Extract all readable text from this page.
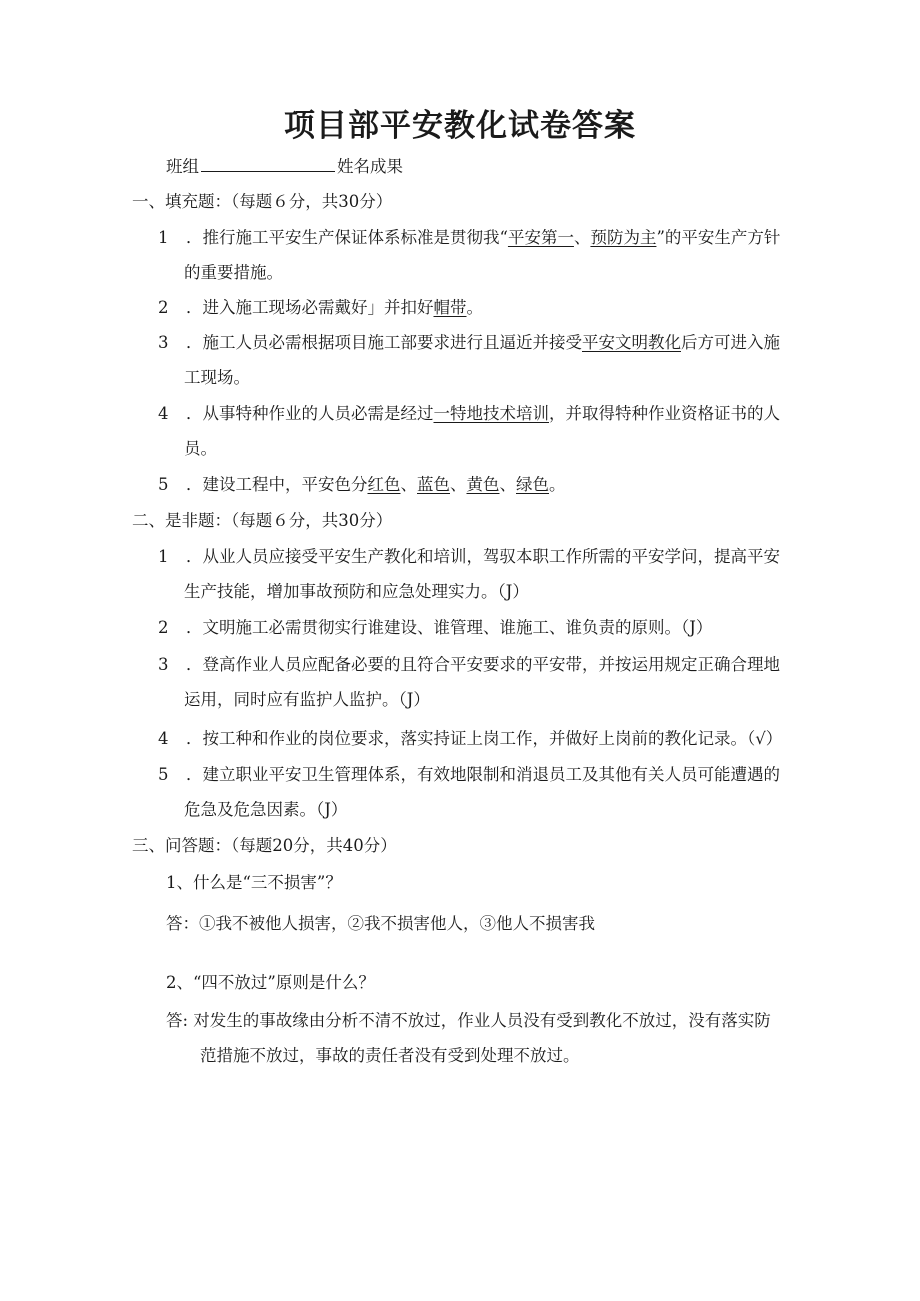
项目部平安教化试卷答案
班组	姓名成果
一、填充题：（每题６分，共30分）
1 ．推行施工平安生产保证体系标准是贯彻我“平安第一、预防为主”的平安生产方针
的重要措施。
2 ．进入施工现场必需戴好」并扣好帽带。
3 ．施工人员必需根据项目施工部要求进行且逼近并接受平安文明教化后方可进入施
工现场。
4 ．从事特种作业的人员必需是经过一特地技术培训，并取得特种作业资格证书的人
员。
5 ．建设工程中，平安色分红色、蓝色、黄色、绿色。
二、是非题：（每题６分，共30分）
1 ．从业人员应接受平安生产教化和培训，驾驭本职工作所需的平安学问，提高平安
生产技能，增加事故预防和应急处理实力。（J）
2 ．文明施工必需贯彻实行谁建设、谁管理、谁施工、谁负责的原则。（J）
3 ．登高作业人员应配备必要的且符合平安要求的平安带，并按运用规定正确合理地
运用，同时应有监护人监护。（J）
4 ．按工种和作业的岗位要求，落实持证上岗工作，并做好上岗前的教化记录。（√）
5 ．建立职业平安卫生管理体系，有效地限制和消退员工及其他有关人员可能遭遇的
危急及危急因素。（J）
三、问答题：（每题20分，共40分）
1、什么是“三不损害”？
答：①我不被他人损害，②我不损害他人，③他人不损害我
2、“四不放过”原则是什么？
答: 对发生的事故缘由分析不清不放过，作业人员没有受到教化不放过，没有落实防
范措施不放过，事故的责任者没有受到处理不放过。
